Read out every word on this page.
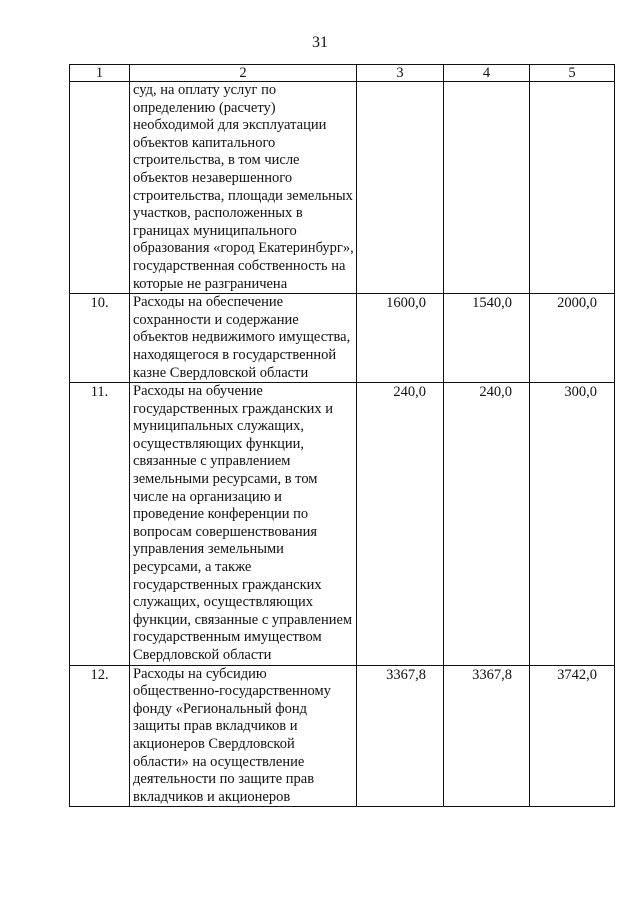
31
1	2	3	4	5
	суд, на оплату услуг по определению (расчету) необходимой для эксплуатации объектов капитального строительства, в том числе объектов незавершенного строительства, площади земельных участков, расположенных в границах муниципального образования «город Екатеринбург», государственная собственность на которые не разграничена			
10.	Расходы на обеспечение сохранности и содержание объектов недвижимого имущества, находящегося в государственной казне Свердловской области	1600,0	1540,0	2000,0
11.	Расходы на обучение государственных гражданских и муниципальных служащих, осуществляющих функции, связанные с управлением земельными ресурсами, в том числе на организацию и проведение конференции по вопросам совершенствования управления земельными ресурсами, а также государственных гражданских служащих, осуществляющих функции, связанные с управлением государственным имуществом Свердловской области	240,0	240,0	300,0
12.	Расходы на субсидию общественно-государственному фонду «Региональный фонд защиты прав вкладчиков и акционеров Свердловской области» на осуществление деятельности по защите прав вкладчиков и акционеров	3367,8	3367,8	3742,0
